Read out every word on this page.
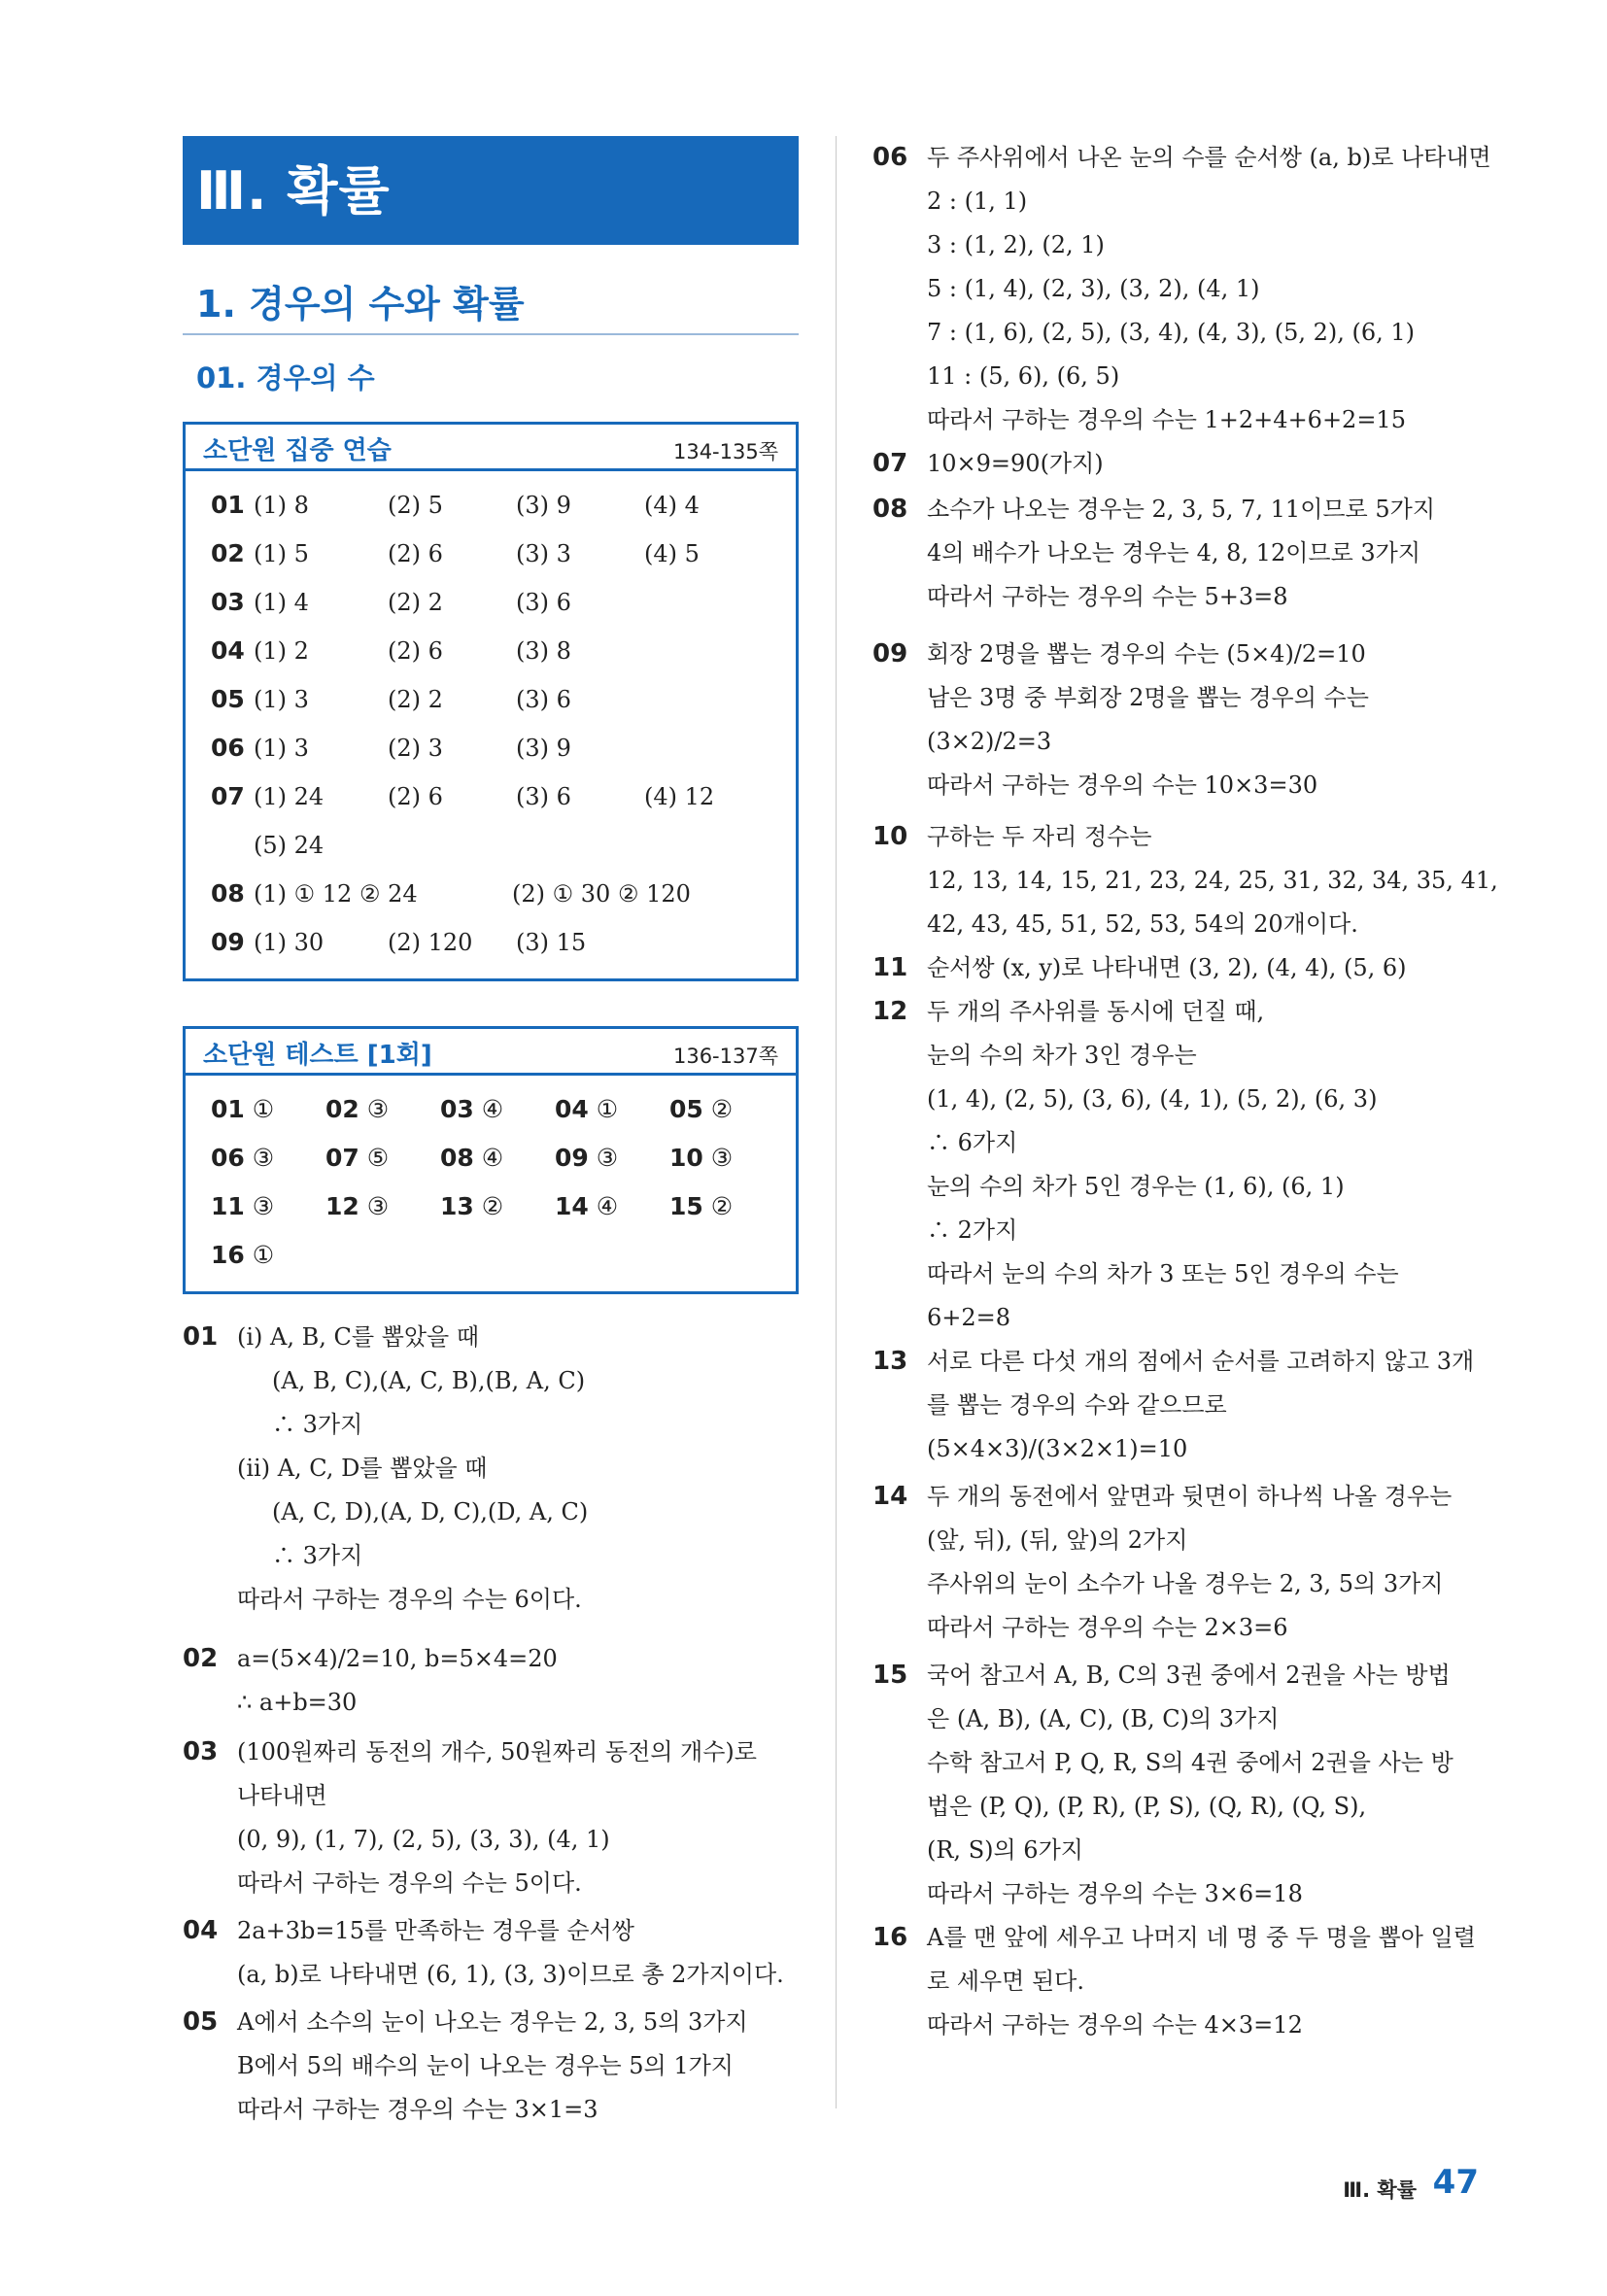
Ⅲ. 확률
1. 경우의 수와 확률
01. 경우의 수
소단원 집중 연습	134-135쪽
01 (1) 8	(2) 5	(3) 9	(4) 4
02 (1) 5	(2) 6	(3) 3	(4) 5
03 (1) 4	(2) 2	(3) 6
04 (1) 2	(2) 6	(3) 8
05 (1) 3	(2) 2	(3) 6
06 (1) 3	(2) 3	(3) 9
07 (1) 24	(2) 6	(3) 6	(4) 12
(5) 24
08 (1) ① 12 ② 24	(2) ① 30 ② 120
09 (1) 30	(2) 120 (3) 15
소단원 테스트 [1회]	136-137쪽
01 ① 02 ③ 03 ④ 04 ① 05 ②
06 ③ 07 ⑤ 08 ④ 09 ③ 10 ③
11 ③ 12 ③ 13 ② 14 ④ 15 ②
16 ①
01 (ⅰ) A, B, C를 뽑았을 때
(A, B, C),(A, C, B),(B, A, C)
∴ 3가지
(ⅱ) A, C, D를 뽑았을 때
(A, C, D),(A, D, C),(D, A, C)
∴ 3가지
따라서 구하는 경우의 수는 6이다.
02 a=(5×4)/2=10, b=5×4=20
∴ a+b=30
03 (100원짜리 동전의 개수, 50원짜리 동전의 개수)로
나타내면
(0, 9), (1, 7), (2, 5), (3, 3), (4, 1)
따라서 구하는 경우의 수는 5이다.
04 2a+3b=15를 만족하는 경우를 순서쌍
(a, b)로 나타내면 (6, 1), (3, 3)이므로 총 2가지이다.
05 A에서 소수의 눈이 나오는 경우는 2, 3, 5의 3가지
B에서 5의 배수의 눈이 나오는 경우는 5의 1가지
따라서 구하는 경우의 수는 3×1=3
06 두 주사위에서 나온 눈의 수를 순서쌍 (a, b)로 나타내면
2 : (1, 1)
3 : (1, 2), (2, 1)
5 : (1, 4), (2, 3), (3, 2), (4, 1)
7 : (1, 6), (2, 5), (3, 4), (4, 3), (5, 2), (6, 1)
11 : (5, 6), (6, 5)
따라서 구하는 경우의 수는 1+2+4+6+2=15
07 10×9=90(가지)
08 소수가 나오는 경우는 2, 3, 5, 7, 11이므로 5가지
4의 배수가 나오는 경우는 4, 8, 12이므로 3가지
따라서 구하는 경우의 수는 5+3=8
09 회장 2명을 뽑는 경우의 수는 (5×4)/2=10
남은 3명 중 부회장 2명을 뽑는 경우의 수는
(3×2)/2=3
따라서 구하는 경우의 수는 10×3=30
10 구하는 두 자리 정수는
12, 13, 14, 15, 21, 23, 24, 25, 31, 32, 34, 35, 41,
42, 43, 45, 51, 52, 53, 54의 20개이다.
11 순서쌍 (x, y)로 나타내면 (3, 2), (4, 4), (5, 6)
12 두 개의 주사위를 동시에 던질 때,
눈의 수의 차가 3인 경우는
(1, 4), (2, 5), (3, 6), (4, 1), (5, 2), (6, 3)
∴ 6가지
눈의 수의 차가 5인 경우는 (1, 6), (6, 1)
∴ 2가지
따라서 눈의 수의 차가 3 또는 5인 경우의 수는
6+2=8
13 서로 다른 다섯 개의 점에서 순서를 고려하지 않고 3개
를 뽑는 경우의 수와 같으므로
(5×4×3)/(3×2×1)=10
14 두 개의 동전에서 앞면과 뒷면이 하나씩 나올 경우는
(앞, 뒤), (뒤, 앞)의 2가지
주사위의 눈이 소수가 나올 경우는 2, 3, 5의 3가지
따라서 구하는 경우의 수는 2×3=6
15 국어 참고서 A, B, C의 3권 중에서 2권을 사는 방법
은 (A, B), (A, C), (B, C)의 3가지
수학 참고서 P, Q, R, S의 4권 중에서 2권을 사는 방
법은 (P, Q), (P, R), (P, S), (Q, R), (Q, S),
(R, S)의 6가지
따라서 구하는 경우의 수는 3×6=18
16 A를 맨 앞에 세우고 나머지 네 명 중 두 명을 뽑아 일렬
로 세우면 된다.
따라서 구하는 경우의 수는 4×3=12
Ⅲ. 확률 47
